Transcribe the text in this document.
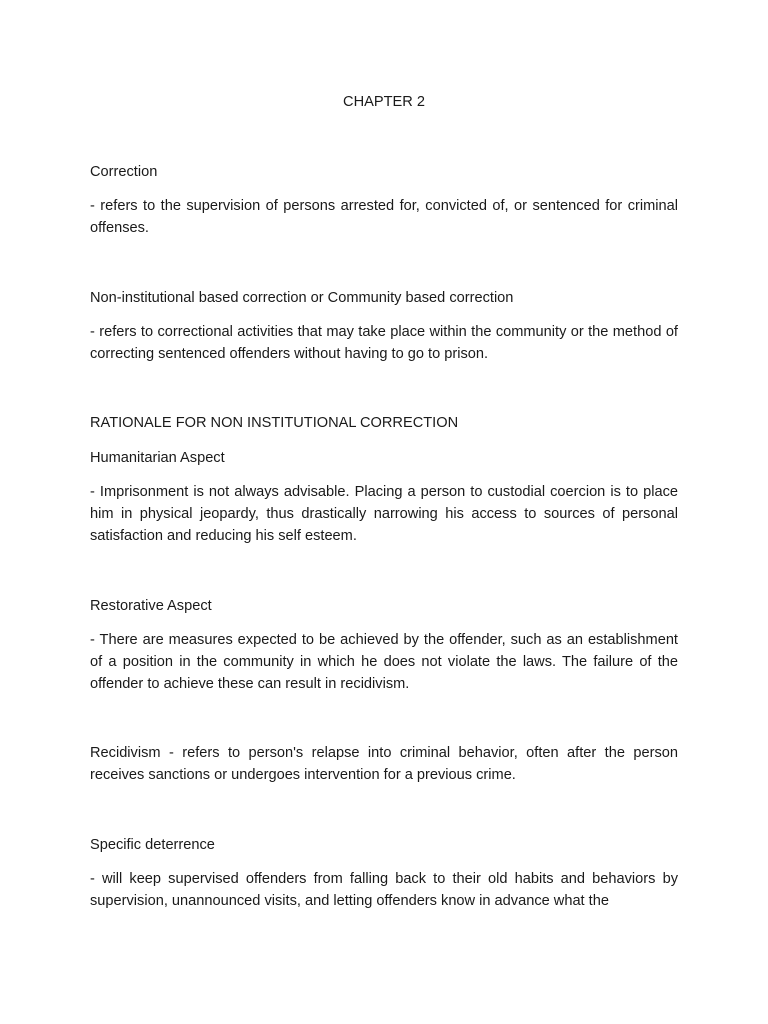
CHAPTER 2

Correction

- refers to the supervision of persons arrested for, convicted of, or sentenced for criminal offenses.

Non-institutional based correction or Community based correction

- refers to correctional activities that may take place within the community or the method of correcting sentenced offenders without having to go to prison.

RATIONALE FOR NON INSTITUTIONAL CORRECTION

Humanitarian Aspect

- Imprisonment is not always advisable. Placing a person to custodial coercion is to place him in physical jeopardy, thus drastically narrowing his access to sources of personal satisfaction and reducing his self esteem.

Restorative Aspect

- There are measures expected to be achieved by the offender, such as an establishment of a position in the community in which he does not violate the laws. The failure of the offender to achieve these can result in recidivism.

Recidivism - refers to person's relapse into criminal behavior, often after the person receives sanctions or undergoes intervention for a previous crime.

Specific deterrence

- will keep supervised offenders from falling back to their old habits and behaviors by supervision, unannounced visits, and letting offenders know in advance what the
